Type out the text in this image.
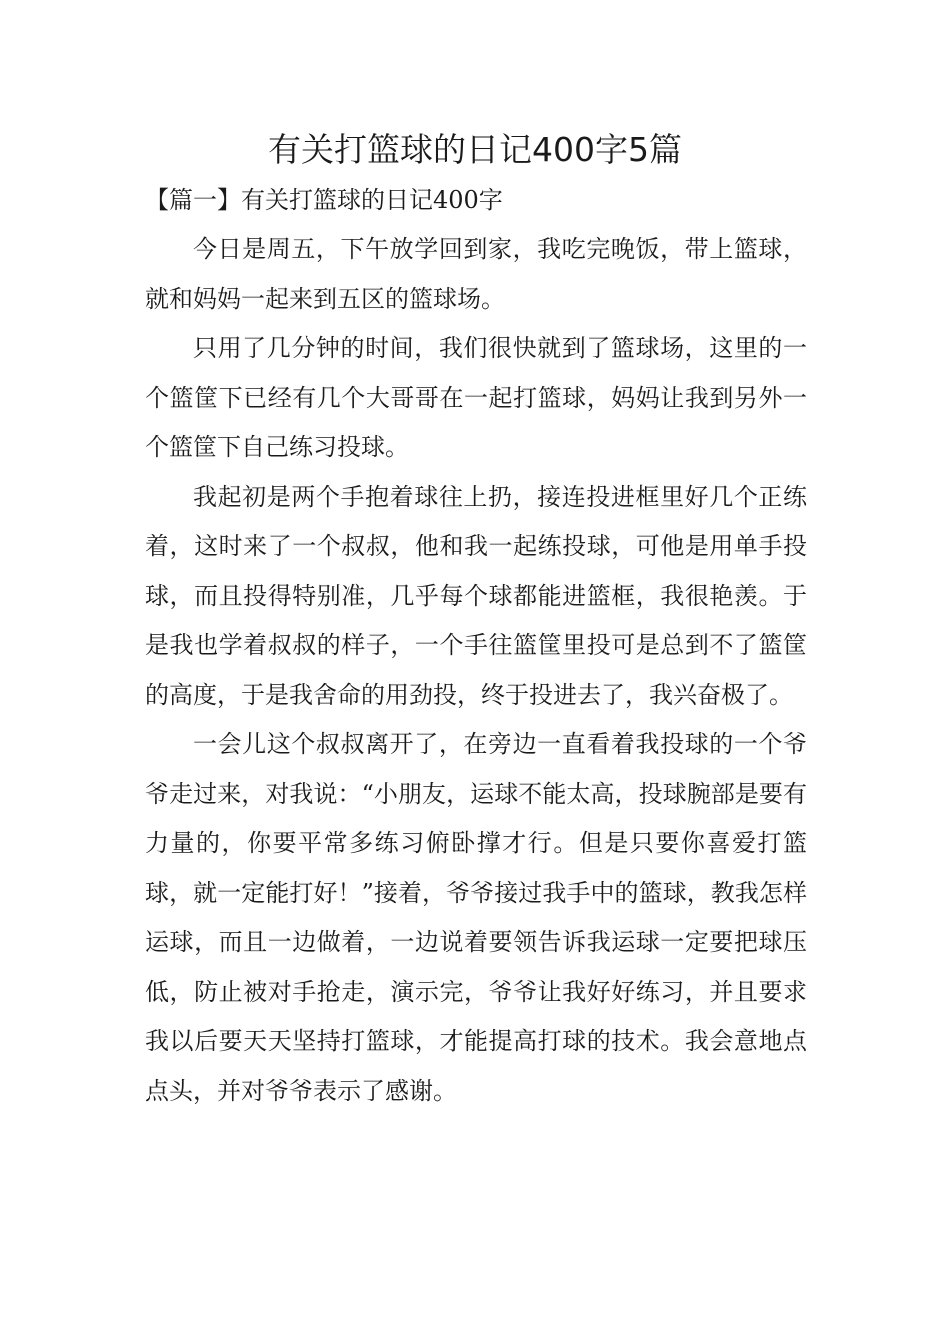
有关打篮球的日记400字5篇
【篇一】有关打篮球的日记400字

今日是周五，下午放学回到家，我吃完晚饭，带上篮球，就和妈妈一起来到五区的篮球场。

只用了几分钟的时间，我们很快就到了篮球场，这里的一个篮筐下已经有几个大哥哥在一起打篮球，妈妈让我到另外一个篮筐下自己练习投球。

我起初是两个手抱着球往上扔，接连投进框里好几个正练着，这时来了一个叔叔，他和我一起练投球，可他是用单手投球，而且投得特别准，几乎每个球都能进篮框，我很艳羡。于是我也学着叔叔的样子，一个手往篮筐里投可是总到不了篮筐的高度，于是我舍命的用劲投，终于投进去了，我兴奋极了。

一会儿这个叔叔离开了，在旁边一直看着我投球的一个爷爷走过来，对我说：“小朋友，运球不能太高，投球腕部是要有力量的，你要平常多练习俯卧撑才行。但是只要你喜爱打篮球，就一定能打好！”接着，爷爷接过我手中的篮球，教我怎样运球，而且一边做着，一边说着要领告诉我运球一定要把球压低，防止被对手抢走，演示完，爷爷让我好好练习，并且要求我以后要天天坚持打篮球，才能提高打球的技术。我会意地点点头，并对爷爷表示了感谢。
